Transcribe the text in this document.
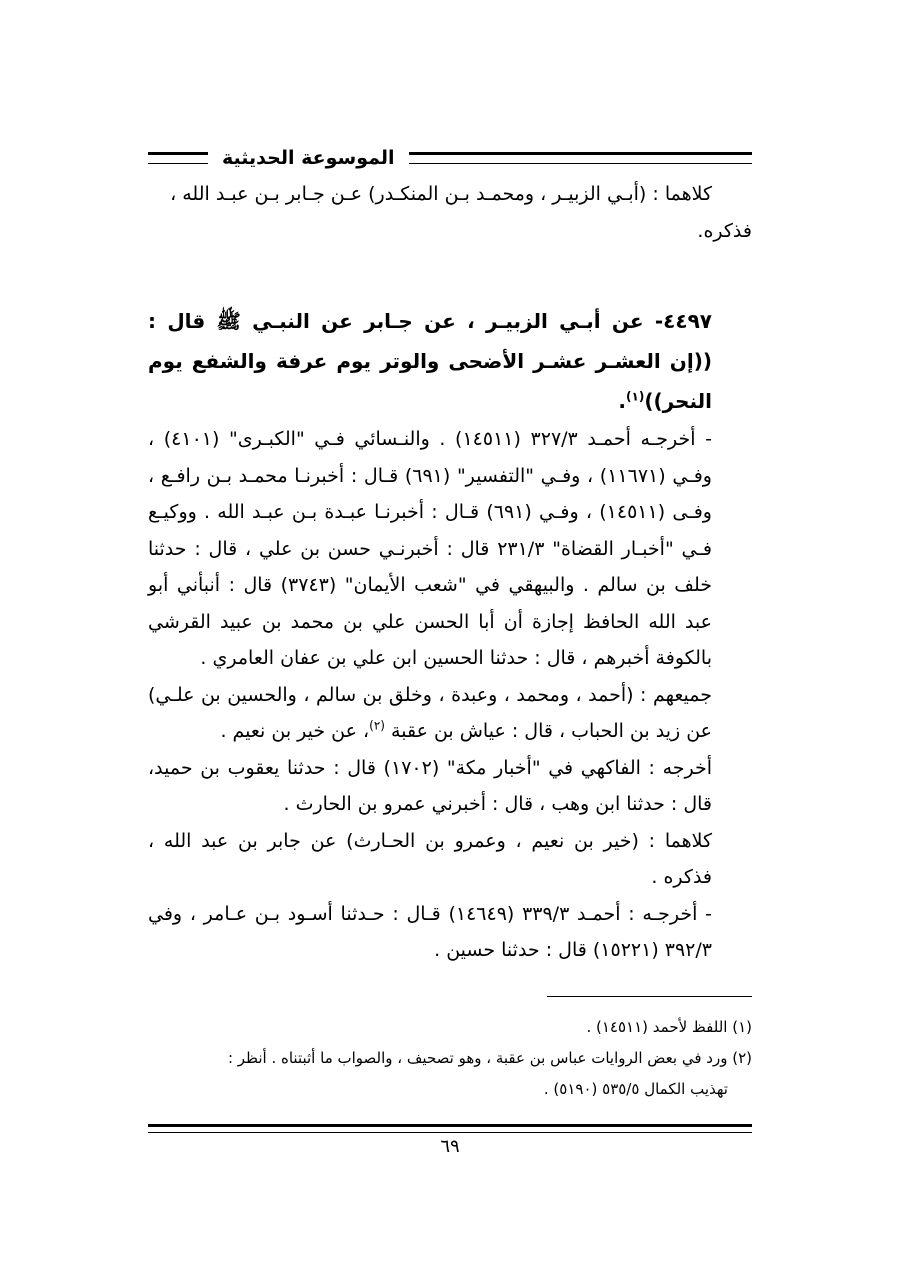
الموسوعة الحديثية

كلاهما : (أبـي الزبيـر ، ومحمـد بـن المنكـدر) عـن جـابر بـن عبـد الله ،

فذكره.

٤٤٩٧- عن أبـي الزبيـر ، عن جـابر عن النبـي ﷺ قال : ((إن العشـر عشـر الأضحى والوتر يوم عرفة والشفع يوم النحر))$^{(١)}$.

- أخرجـه أحمـد ٣٢٧/٣ (١٤٥١١) . والنـسائي فـي "الكبـرى" (٤١٠١) ، وفـي (١١٦٧١) ، وفـي "التفسير" (٦٩١) قـال : أخبرنـا محمـد بـن رافـع ، وفـى (١٤٥١١) ، وفـي (٦٩١) قـال : أخبرنـا عبـدة بـن عبـد الله . ووكيـع فـي "أخبـار القضاة" ٢٣١/٣ قال : أخبرنـي حسن بن علي ، قال : حدثنا خلف بن سالم . والبيهقي في "شعب الأيمان" (٣٧٤٣) قال : أنبأني أبو عبد الله الحافظ إجازة أن أبا الحسن علي بن محمد بن عبيد القرشي بالكوفة أخبرهم ، قال : حدثنا الحسين ابن علي بن عفان العامري .

جميعهم : (أحمد ، ومحمد ، وعبدة ، وخلق بن سالم ، والحسين بن علـي) عن زيد بن الحباب ، قال : عياش بن عقبة $^{(٢)}$، عن خير بن نعيم .

أخرجه : الفاكهي في "أخبار مكة" (١٧٠٢) قال : حدثنا يعقوب بن حميد، قال : حدثنا ابن وهب ، قال : أخبرني عمرو بن الحارث .

كلاهما : (خير بن نعيم ، وعمرو بن الحـارث) عن جابر بن عبد الله ، فذكره .

- أخرجـه : أحمـد ٣٣٩/٣ (١٤٦٤٩) قـال : حـدثنا أسـود بـن عـامر ، وفي ٣٩٢/٣ (١٥٢٢١) قال : حدثنا حسين .

(١) اللفظ لأحمد (١٤٥١١) .

(٢) ورد في بعض الروايات عباس بن عقبة ، وهو تصحيف ، والصواب ما أثبتناه . أنظر :

تهذيب الكمال ٥٣٥/٥ (٥١٩٠) .

٦٩
